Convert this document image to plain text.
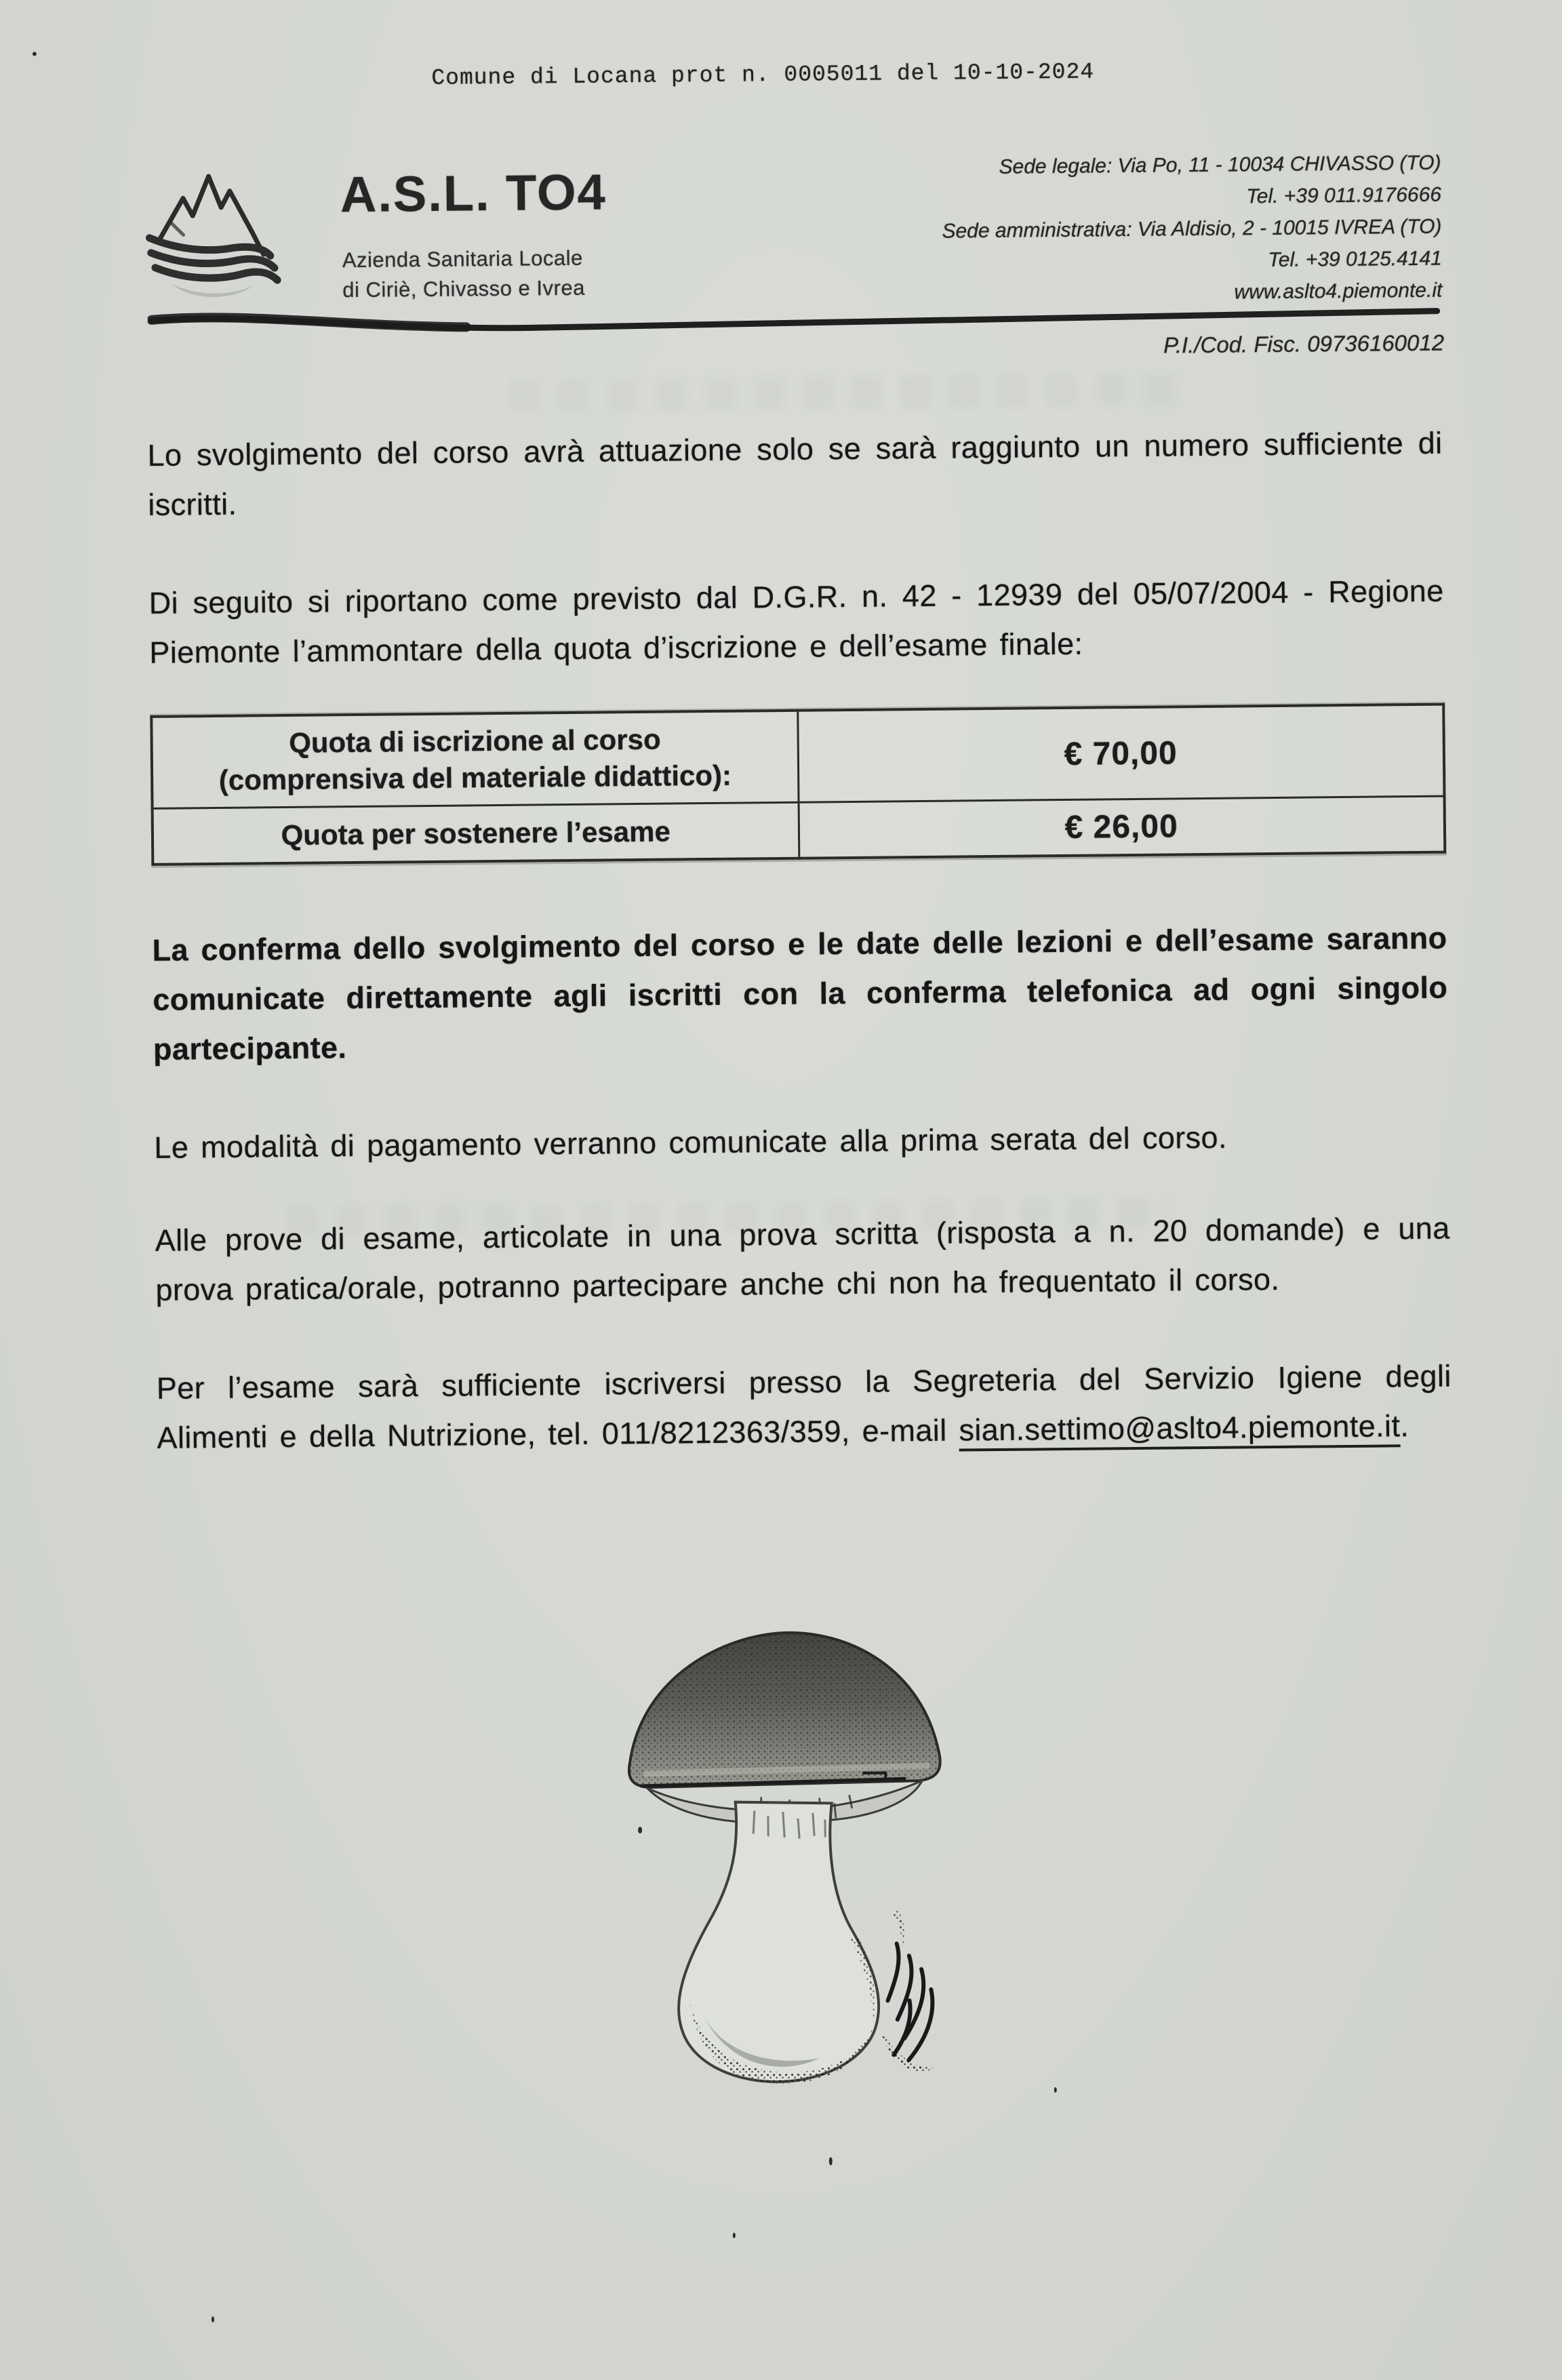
Comune di Locana prot n. 0005011 del 10-10-2024
A.S.L. TO4
Azienda Sanitaria Locale
di Ciriè, Chivasso e Ivrea
Sede legale: Via Po, 11 - 10034 CHIVASSO (TO)
Tel. +39 011.9176666
Sede amministrativa: Via Aldisio, 2 - 10015 IVREA (TO)
Tel. +39 0125.4141
www.aslto4.piemonte.it
P.I./Cod. Fisc. 09736160012

Lo svolgimento del corso avrà attuazione solo se sarà raggiunto un numero sufficiente di iscritti.

Di seguito si riportano come previsto dal D.G.R. n. 42 - 12939 del 05/07/2004 - Regione Piemonte l’ammontare della quota d’iscrizione e dell’esame finale:

Quota di iscrizione al corso
(comprensiva del materiale didattico):	€ 70,00
Quota per sostenere l’esame	€ 26,00

La conferma dello svolgimento del corso e le date delle lezioni e dell’esame saranno comunicate direttamente agli iscritti con la conferma telefonica ad ogni singolo partecipante.

Le modalità di pagamento verranno comunicate alla prima serata del corso.

Alle prove di esame, articolate in una prova scritta (risposta a n. 20 domande) e una prova pratica/orale, potranno partecipare anche chi non ha frequentato il corso.

Per l’esame sarà sufficiente iscriversi presso la Segreteria del Servizio Igiene degli Alimenti e della Nutrizione, tel. 011/8212363/359, e-mail sian.settimo@aslto4.piemonte.it.
